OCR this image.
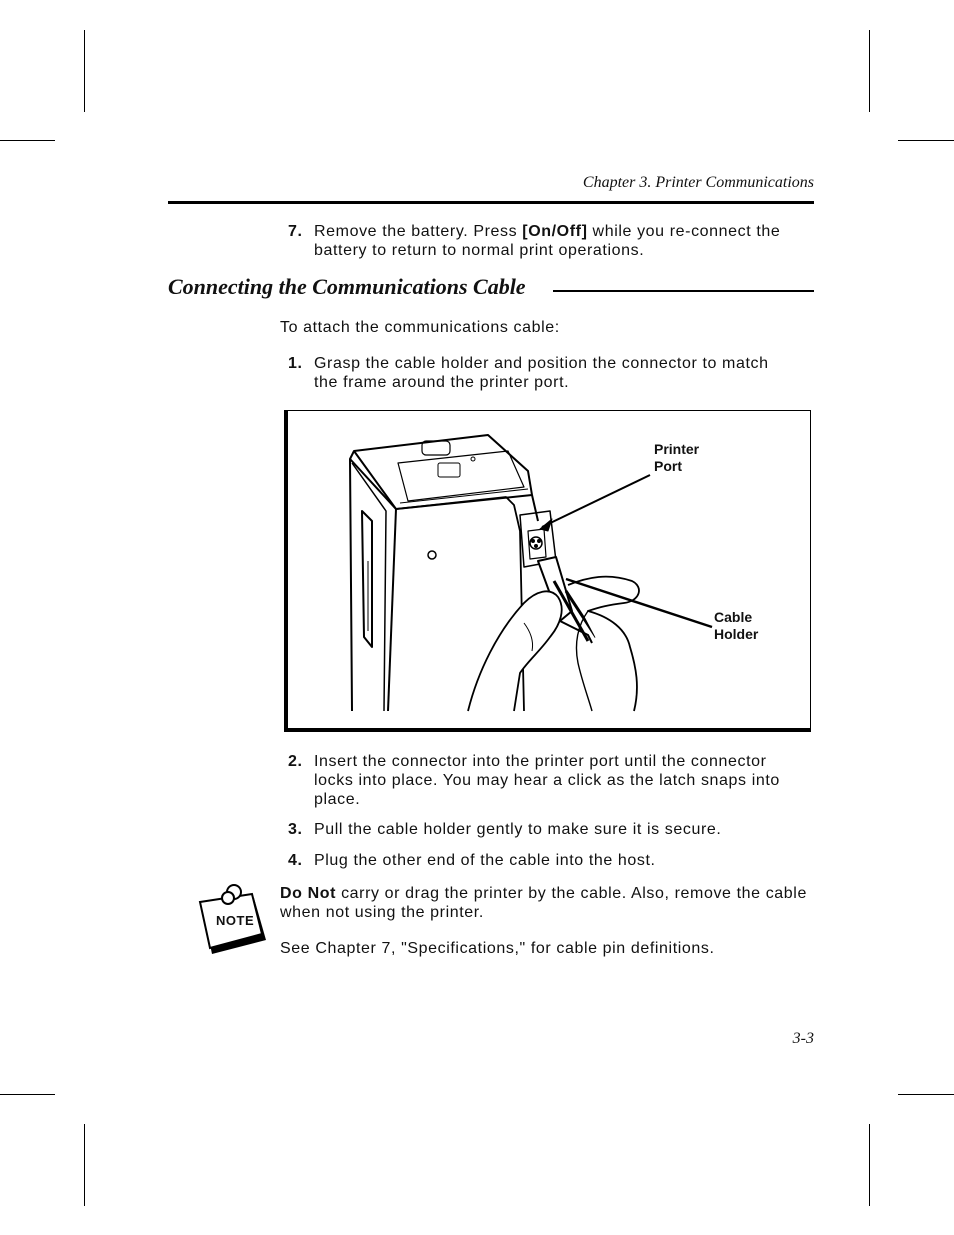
Chapter 3. Printer Communications
7. Remove the battery. Press [On/Off] while you re-connect the battery to return to normal print operations.
Connecting the Communications Cable
To attach the communications cable:
1. Grasp the cable holder and position the connector to match the frame around the printer port.
Printer
Port
Cable
Holder
2. Insert the connector into the printer port until the connector locks into place. You may hear a click as the latch snaps into place.
3. Pull the cable holder gently to make sure it is secure.
4. Plug the other end of the cable into the host.
NOTE
Do Not carry or drag the printer by the cable. Also, remove the cable when not using the printer.
See Chapter 7, "Specifications," for cable pin definitions.
3-3
